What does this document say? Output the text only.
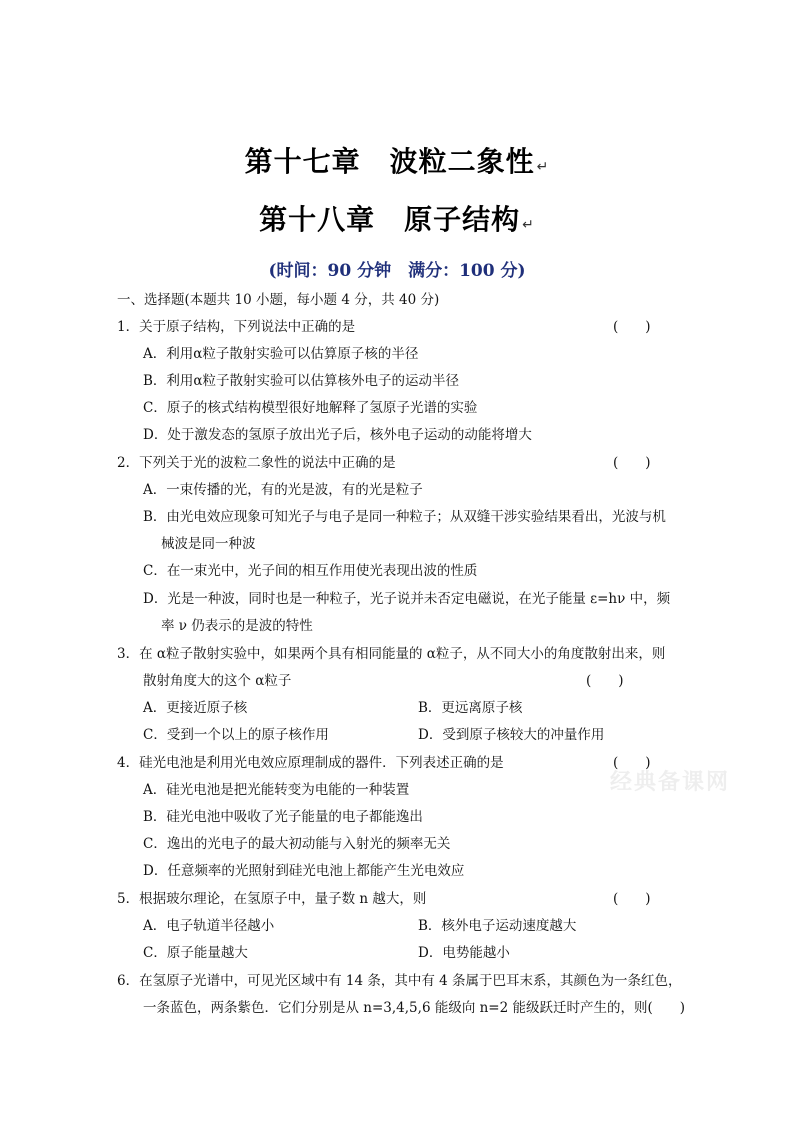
第十七章　波粒二象性 ↵
第十八章　原子结构 ↵
(时间：90 分钟　满分：100 分)
一、选择题(本题共 10 小题，每小题 4 分，共 40 分)
1．关于原子结构，下列说法中正确的是	(　　)
A．利用α粒子散射实验可以估算原子核的半径
B．利用α粒子散射实验可以估算核外电子的运动半径
C．原子的核式结构模型很好地解释了氢原子光谱的实验
D．处于激发态的氢原子放出光子后，核外电子运动的动能将增大
2．下列关于光的波粒二象性的说法中正确的是	(　　)
A．一束传播的光，有的光是波，有的光是粒子
B．由光电效应现象可知光子与电子是同一种粒子；从双缝干涉实验结果看出，光波与机
械波是同一种波
C．在一束光中，光子间的相互作用使光表现出波的性质
D．光是一种波，同时也是一种粒子，光子说并未否定电磁说，在光子能量 ε=hν 中，频
率 ν 仍表示的是波的特性
3．在 α粒子散射实验中，如果两个具有相同能量的 α粒子，从不同大小的角度散射出来，则
散射角度大的这个 α粒子	(　　)
A．更接近原子核	B．更远离原子核
C．受到一个以上的原子核作用	D．受到原子核较大的冲量作用
4．硅光电池是利用光电效应原理制成的器件．下列表述正确的是	(　　)
A．硅光电池是把光能转变为电能的一种装置
B．硅光电池中吸收了光子能量的电子都能逸出
C．逸出的光电子的最大初动能与入射光的频率无关
D．任意频率的光照射到硅光电池上都能产生光电效应
经典备课网
5．根据玻尔理论，在氢原子中，量子数 n 越大，则	(　　)
A．电子轨道半径越小	B．核外电子运动速度越大
C．原子能量越大	D．电势能越小
6．在氢原子光谱中，可见光区域中有 14 条，其中有 4 条属于巴耳末系，其颜色为一条红色，
一条蓝色，两条紫色．它们分别是从 n=3,4,5,6 能级向 n=2 能级跃迁时产生的，则(　　)
